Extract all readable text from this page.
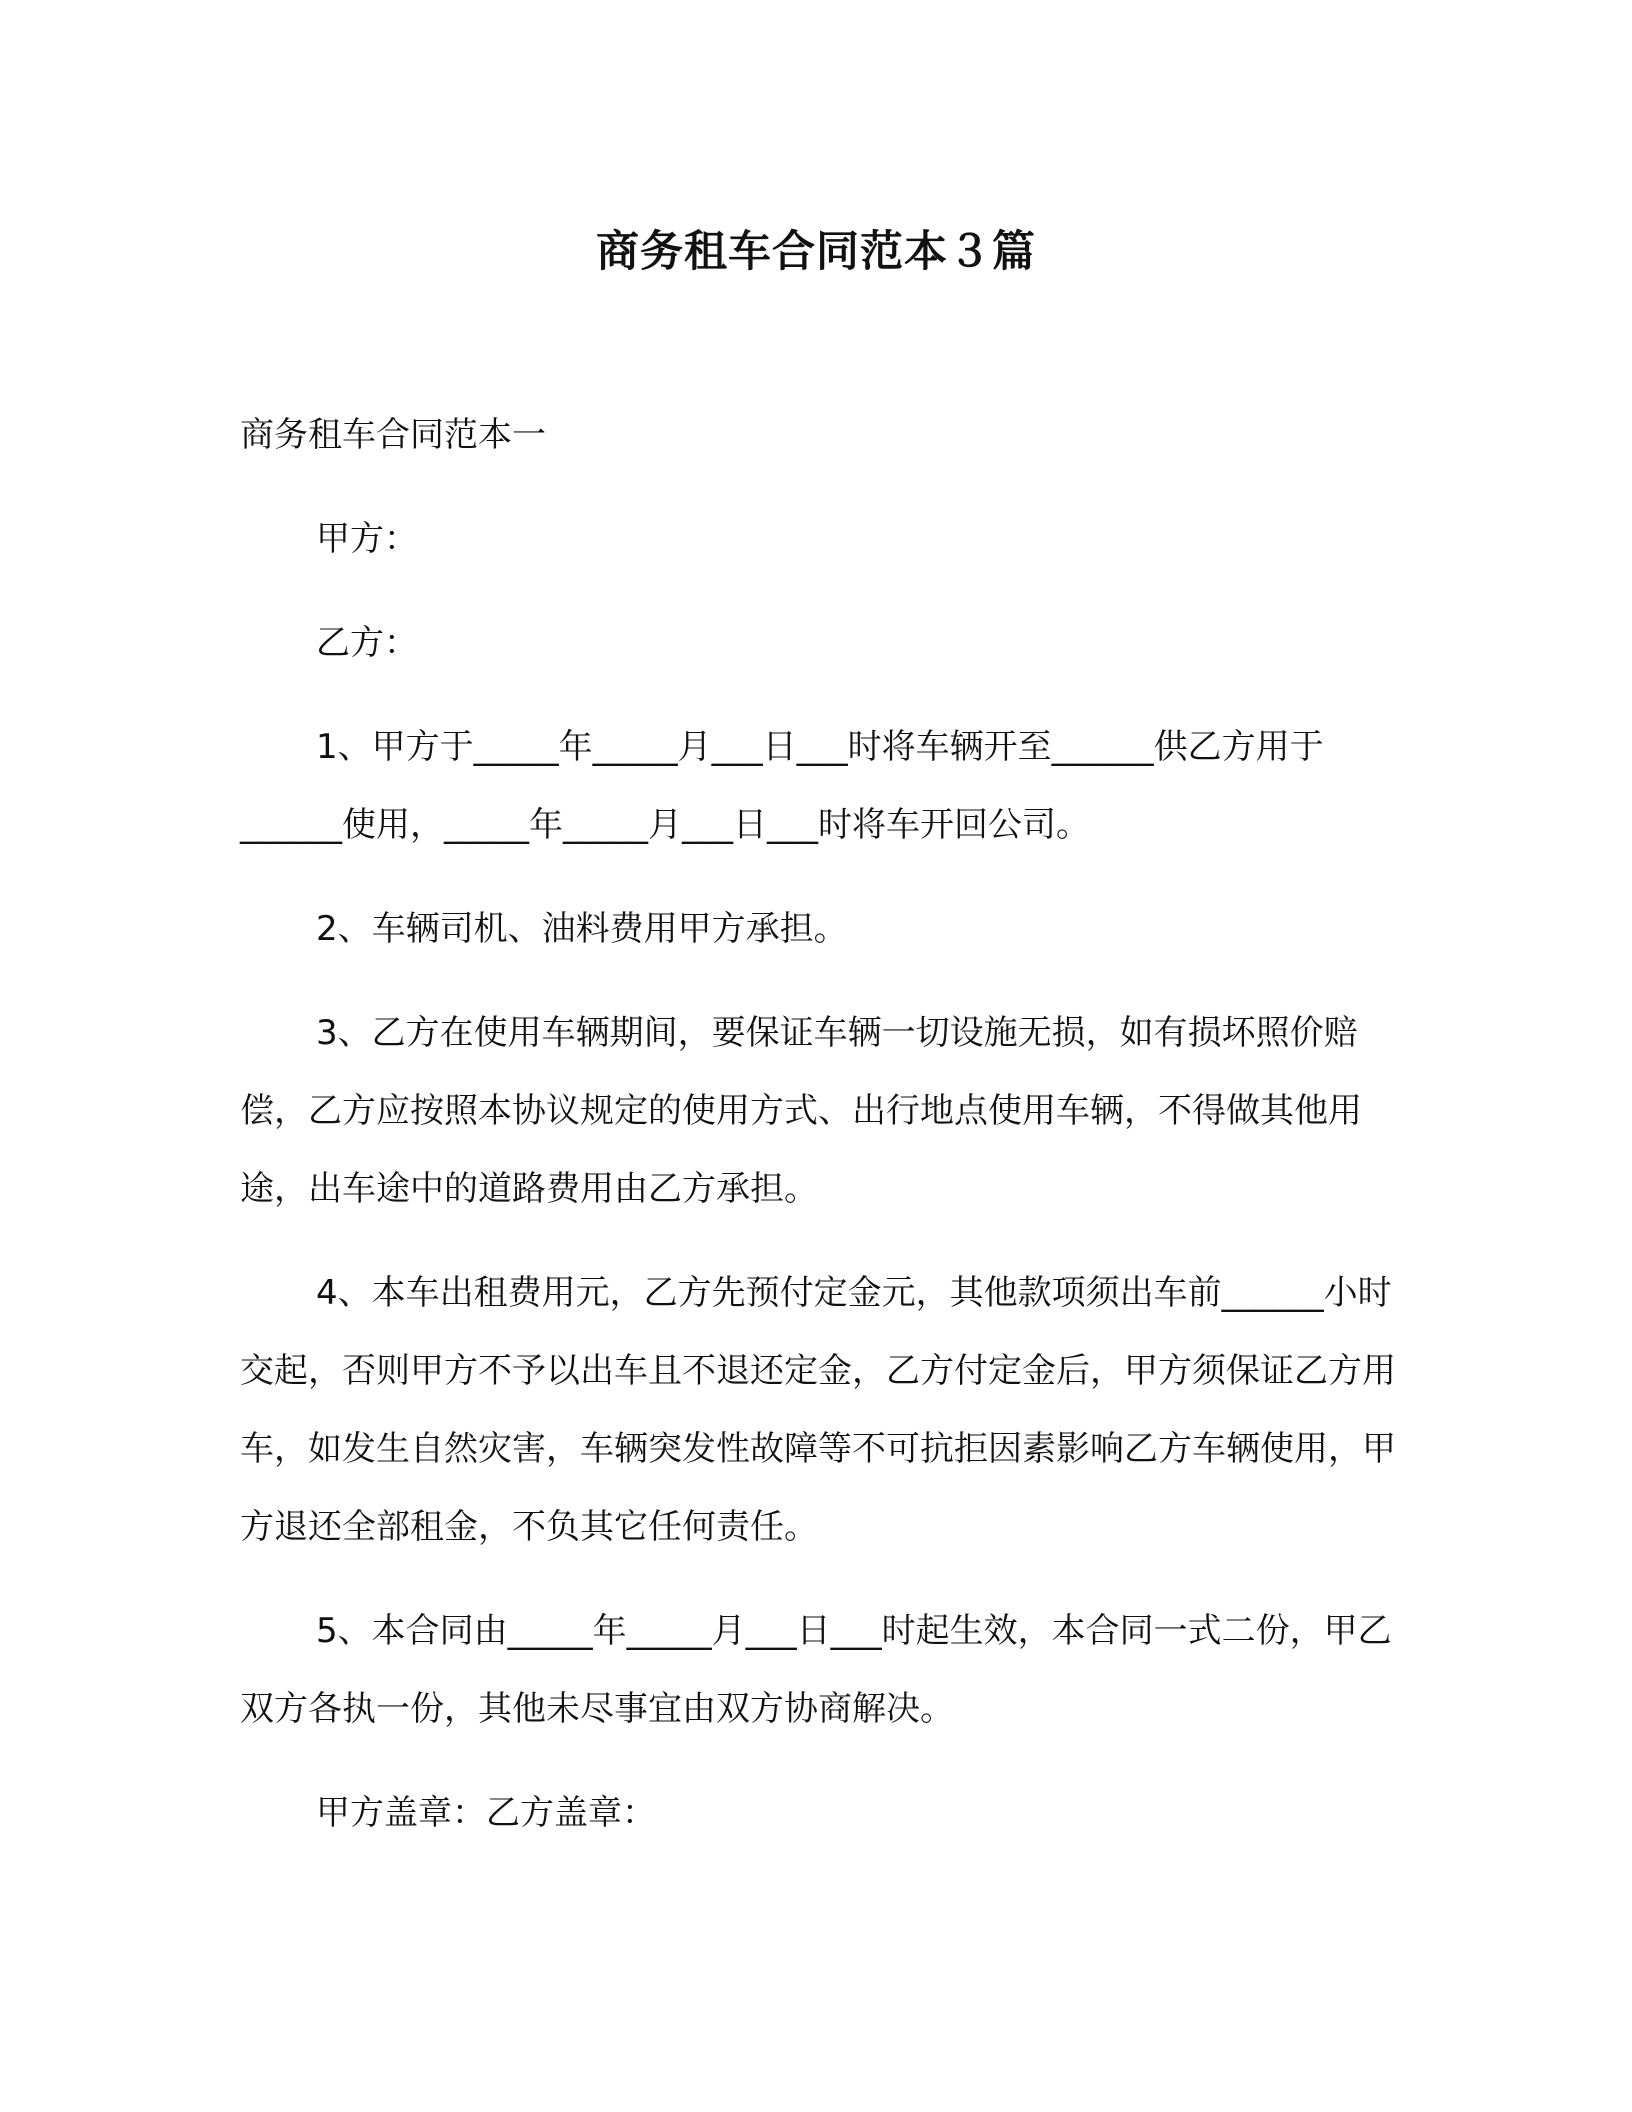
商务租车合同范本３篇

商务租车合同范本一

甲方：

乙方：

1、甲方于_____年_____月___日___时将车辆开至______供乙方用于______使用，_____年_____月___日___时将车开回公司。

2、车辆司机、油料费用甲方承担。

3、乙方在使用车辆期间，要保证车辆一切设施无损，如有损坏照价赔偿，乙方应按照本协议规定的使用方式、出行地点使用车辆，不得做其他用途，出车途中的道路费用由乙方承担。

4、本车出租费用元，乙方先预付定金元，其他款项须出车前______小时交起，否则甲方不予以出车且不退还定金，乙方付定金后，甲方须保证乙方用车，如发生自然灾害，车辆突发性故障等不可抗拒因素影响乙方车辆使用，甲方退还全部租金，不负其它任何责任。

5、本合同由_____年_____月___日___时起生效，本合同一式二份，甲乙双方各执一份，其他未尽事宜由双方协商解决。

甲方盖章：乙方盖章：
